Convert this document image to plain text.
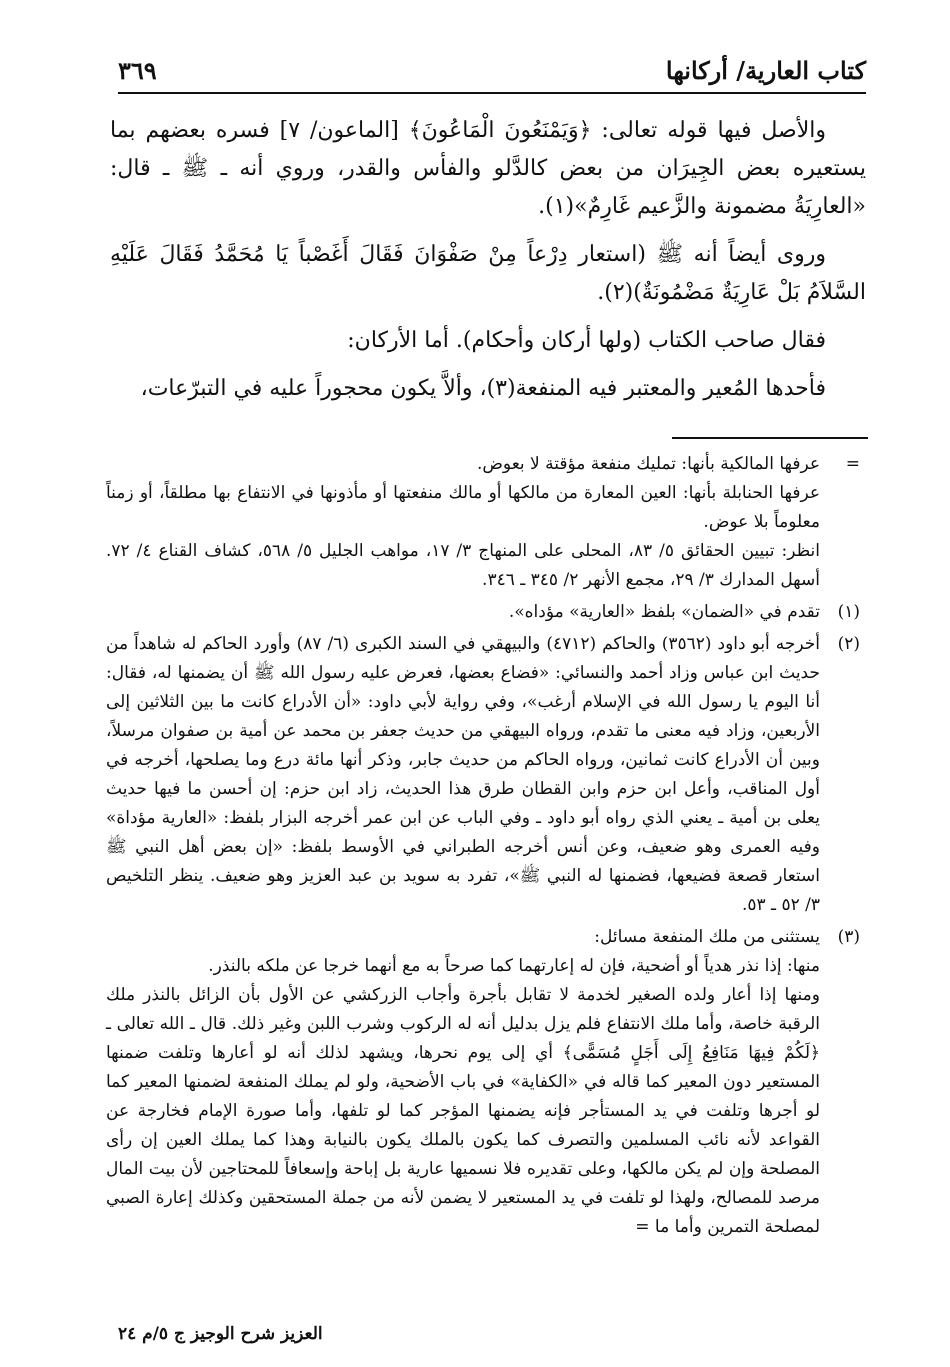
كتاب العارية/ أركانها
٣٦٩

والأصل فيها قوله تعالى: ﴿وَيَمْنَعُونَ الْمَاعُونَ﴾ [الماعون/ ٧] فسره بعضهم بما يستعيره بعض الجِيرَان من بعض كالدَّلو والفأس والقدر، وروي أنه ـ ﷺ ـ قال: «العارِيَةُ مضمونة والزَّعيم غَارِمٌ»(١).

وروى أيضاً أنه ﷺ (استعار دِرْعاً مِنْ صَفْوَانَ فَقَالَ أَغَصْباً يَا مُحَمَّدُ فَقَالَ عَلَيْهِ السَّلاَمُ بَلْ عَارِيَةٌ مَضْمُونَةٌ)(٢).

فقال صاحب الكتاب (ولها أركان وأحكام). أما الأركان:

فأحدها المُعير والمعتبر فيه المنفعة(٣)، وألاَّ يكون محجوراً عليه في التبرّعات،

=

عرفها المالكية بأنها: تمليك منفعة مؤقتة لا بعوض.

عرفها الحنابلة بأنها: العين المعارة من مالكها أو مالك منفعتها أو مأذونها في الانتفاع بها مطلقاً، أو زمناً معلوماً بلا عوض.

انظر: تبيين الحقائق ٥/ ٨٣، المحلى على المنهاج ٣/ ١٧، مواهب الجليل ٥/ ٥٦٨، كشاف القناع ٤/ ٧٢. أسهل المدارك ٣/ ٢٩، مجمع الأنهر ٢/ ٣٤٥ ـ ٣٤٦.

(١)

تقدم في «الضمان» بلفظ «العارية» مؤداه».

(٢)

أخرجه أبو داود (٣٥٦٢) والحاكم (٤٧١٢) والبيهقي في السند الكبرى (٦/ ٨٧) وأورد الحاكم له شاهداً من حديث ابن عباس وزاد أحمد والنسائي: «فضاع بعضها، فعرض عليه رسول الله ﷺ أن يضمنها له، فقال: أنا اليوم يا رسول الله في الإسلام أرغب»، وفي رواية لأبي داود: «أن الأدراع كانت ما بين الثلاثين إلى الأربعين، وزاد فيه معنى ما تقدم، ورواه البيهقي من حديث جعفر بن محمد عن أمية بن صفوان مرسلاً، وبين أن الأدراع كانت ثمانين، ورواه الحاكم من حديث جابر، وذكر أنها مائة درع وما يصلحها، أخرجه في أول المناقب، وأعل ابن حزم وابن القطان طرق هذا الحديث، زاد ابن حزم: إن أحسن ما فيها حديث يعلى بن أمية ـ يعني الذي رواه أبو داود ـ وفي الباب عن ابن عمر أخرجه البزار بلفظ: «العارية مؤداة» وفيه العمرى وهو ضعيف، وعن أنس أخرجه الطبراني في الأوسط بلفظ: «إن بعض أهل النبي ﷺ استعار قصعة فضيعها، فضمنها له النبي ﷺ»، تفرد به سويد بن عبد العزيز وهو ضعيف. ينظر التلخيص ٣/ ٥٢ ـ ٥٣.

(٣)

يستثنى من ملك المنفعة مسائل:

منها: إذا نذر هدياً أو أضحية، فإن له إعارتهما كما صرحاً به مع أنهما خرجا عن ملكه بالنذر.

ومنها إذا أعار ولده الصغير لخدمة لا تقابل بأجرة وأجاب الزركشي عن الأول بأن الزائل بالنذر ملك الرقبة خاصة، وأما ملك الانتفاع فلم يزل بدليل أنه له الركوب وشرب اللبن وغير ذلك. قال ـ الله تعالى ـ ﴿لَكُمْ فِيهَا مَنَافِعُ إِلَى أَجَلٍ مُسَمًّى﴾ أي إلى يوم نحرها، ويشهد لذلك أنه لو أعارها وتلفت ضمنها المستعير دون المعير كما قاله في «الكفاية» في باب الأضحية، ولو لم يملك المنفعة لضمنها المعير كما لو أجرها وتلفت في يد المستأجر فإنه يضمنها المؤجر كما لو تلفها، وأما صورة الإمام فخارجة عن القواعد لأنه نائب المسلمين والتصرف كما يكون بالملك يكون بالنيابة وهذا كما يملك العين إن رأى المصلحة وإن لم يكن مالكها، وعلى تقديره فلا نسميها عارية بل إباحة وإسعافاً للمحتاجين لأن بيت المال مرصد للمصالح، ولهذا لو تلفت في يد المستعير لا يضمن لأنه من جملة المستحقين وكذلك إعارة الصبي لمصلحة التمرين وأما ما =

العزيز شرح الوجيز ج ٥/م ٢٤
